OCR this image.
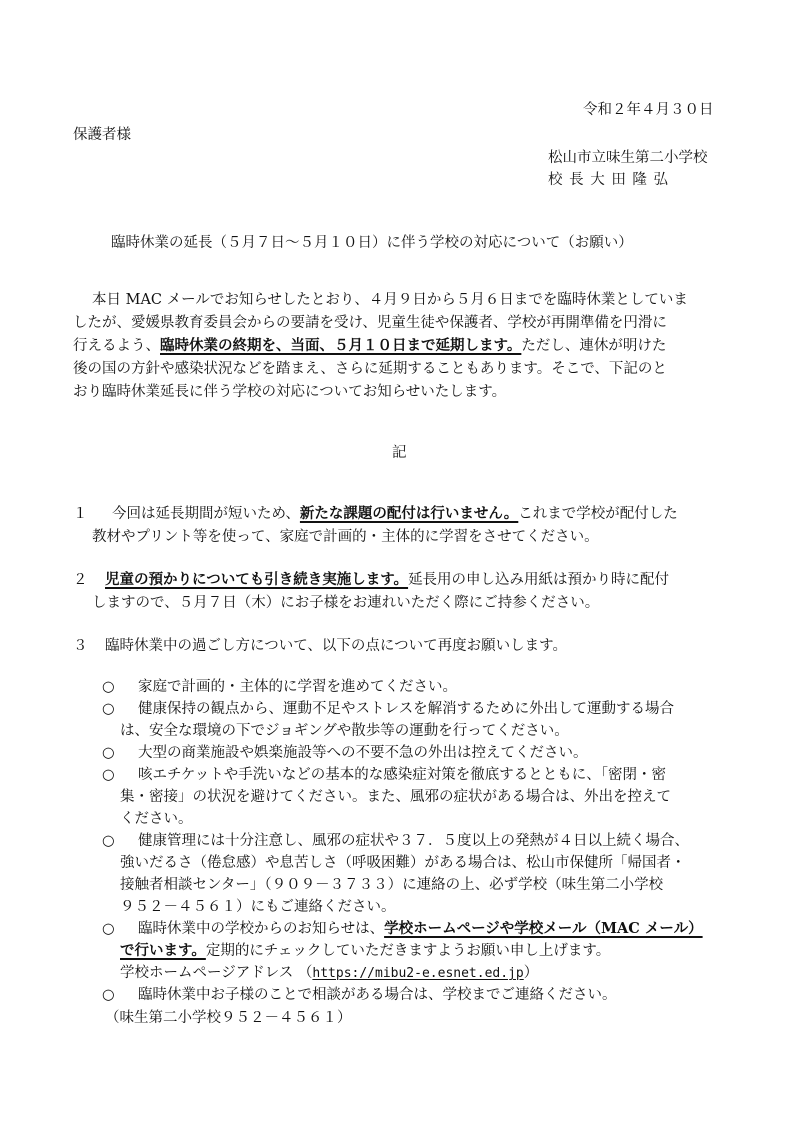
令和２年４月３０日
保護者様
松山市立味生第二小学校
校 長 大 田 隆 弘
臨時休業の延長（５月７日～５月１０日）に伴う学校の対応について（お願い）
本日 MAC メールでお知らせしたとおり、４月９日から５月６日までを臨時休業としていま
したが、愛媛県教育委員会からの要請を受け、児童生徒や保護者、学校が再開準備を円滑に
行えるよう、臨時休業の終期を、当面、５月１０日まで延期します。ただし、連休が明けた
後の国の方針や感染状況などを踏まえ、さらに延期することもあります。そこで、下記のと
おり臨時休業延長に伴う学校の対応についてお知らせいたします。
記
１ 今回は延長期間が短いため、新たな課題の配付は行いません。これまで学校が配付した
教材やプリント等を使って、家庭で計画的・主体的に学習をさせてください。
２ 児童の預かりについても引き続き実施します。延長用の申し込み用紙は預かり時に配付
しますので、５月７日（木）にお子様をお連れいただく際にご持参ください。
３ 臨時休業中の過ごし方について、以下の点について再度お願いします。
○ 家庭で計画的・主体的に学習を進めてください。
○ 健康保持の観点から、運動不足やストレスを解消するために外出して運動する場合
は、安全な環境の下でジョギングや散歩等の運動を行ってください。
○ 大型の商業施設や娯楽施設等への不要不急の外出は控えてください。
○ 咳エチケットや手洗いなどの基本的な感染症対策を徹底するとともに、「密閉・密
集・密接」の状況を避けてください。また、風邪の症状がある場合は、外出を控えて
ください。
○ 健康管理には十分注意し、風邪の症状や３７．５度以上の発熱が４日以上続く場合、
強いだるさ（倦怠感）や息苦しさ（呼吸困難）がある場合は、松山市保健所「帰国者・
接触者相談センター」（９０９－３７３３）に連絡の上、必ず学校（味生第二小学校
９５２－４５６１）にもご連絡ください。
○ 臨時休業中の学校からのお知らせは、学校ホームページや学校メール（MAC メール）
で行います。定期的にチェックしていただきますようお願い申し上げます。
学校ホームページアドレス （https://mibu2-e.esnet.ed.jp）
○ 臨時休業中お子様のことで相談がある場合は、学校までご連絡ください。
（味生第二小学校９５２－４５６１）
